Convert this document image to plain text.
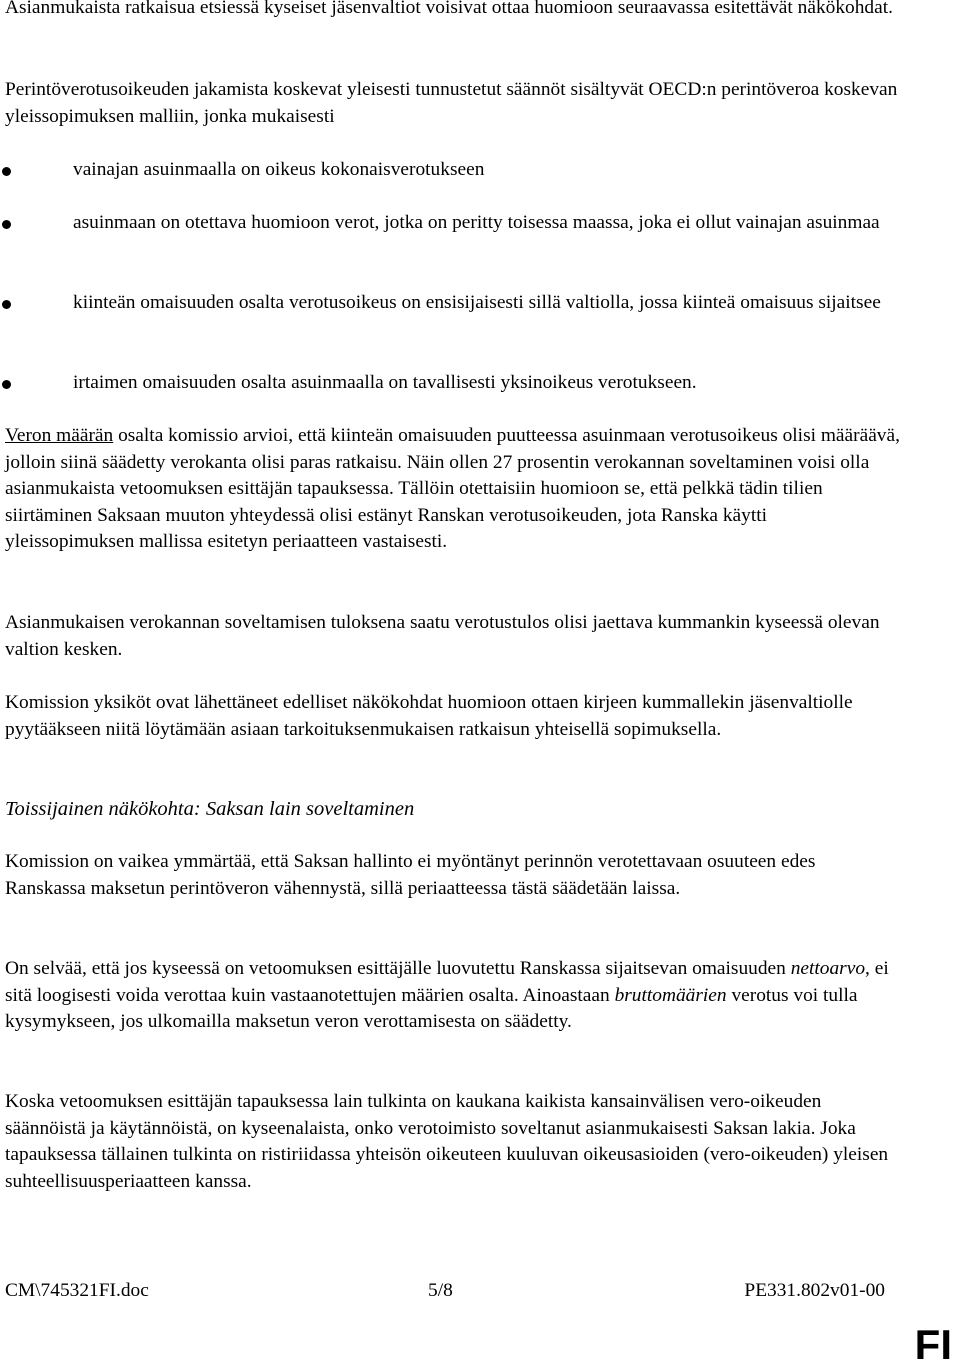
Asianmukaista ratkaisua etsiessä kyseiset jäsenvaltiot voisivat ottaa huomioon seuraavassa esitettävät näkökohdat.

Perintöverotusoikeuden jakamista koskevat yleisesti tunnustetut säännöt sisältyvät OECD:n perintöveroa koskevan yleissopimuksen malliin, jonka mukaisesti

vainajan asuinmaalla on oikeus kokonaisverotukseen
asuinmaan on otettava huomioon verot, jotka on peritty toisessa maassa, joka ei ollut vainajan asuinmaa
kiinteän omaisuuden osalta verotusoikeus on ensisijaisesti sillä valtiolla, jossa kiinteä omaisuus sijaitsee
irtaimen omaisuuden osalta asuinmaalla on tavallisesti yksinoikeus verotukseen.

Veron määrän osalta komissio arvioi, että kiinteän omaisuuden puutteessa asuinmaan verotusoikeus olisi määräävä, jolloin siinä säädetty verokanta olisi paras ratkaisu. Näin ollen 27 prosentin verokannan soveltaminen voisi olla asianmukaista vetoomuksen esittäjän tapauksessa. Tällöin otettaisiin huomioon se, että pelkkä tädin tilien siirtäminen Saksaan muuton yhteydessä olisi estänyt Ranskan verotusoikeuden, jota Ranska käytti yleissopimuksen mallissa esitetyn periaatteen vastaisesti.

Asianmukaisen verokannan soveltamisen tuloksena saatu verotustulos olisi jaettava kummankin kyseessä olevan valtion kesken.

Komission yksiköt ovat lähettäneet edelliset näkökohdat huomioon ottaen kirjeen kummallekin jäsenvaltiolle pyytääkseen niitä löytämään asiaan tarkoituksenmukaisen ratkaisun yhteisellä sopimuksella.

Toissijainen näkökohta: Saksan lain soveltaminen

Komission on vaikea ymmärtää, että Saksan hallinto ei myöntänyt perinnön verotettavaan osuuteen edes Ranskassa maksetun perintöveron vähennystä, sillä periaatteessa tästä säädetään laissa.

On selvää, että jos kyseessä on vetoomuksen esittäjälle luovutettu Ranskassa sijaitsevan omaisuuden nettoarvo, ei sitä loogisesti voida verottaa kuin vastaanotettujen määrien osalta. Ainoastaan bruttomäärien verotus voi tulla kysymykseen, jos ulkomailla maksetun veron verottamisesta on säädetty.

Koska vetoomuksen esittäjän tapauksessa lain tulkinta on kaukana kaikista kansainvälisen vero-oikeuden säännöistä ja käytännöistä, on kyseenalaista, onko verotoimisto soveltanut asianmukaisesti Saksan lakia. Joka tapauksessa tällainen tulkinta on ristiriidassa yhteisön oikeuteen kuuluvan oikeusasioiden (vero-oikeuden) yleisen suhteellisuusperiaatteen kanssa.

CM\745321FI.doc	5/8	PE331.802v01-00
FI
